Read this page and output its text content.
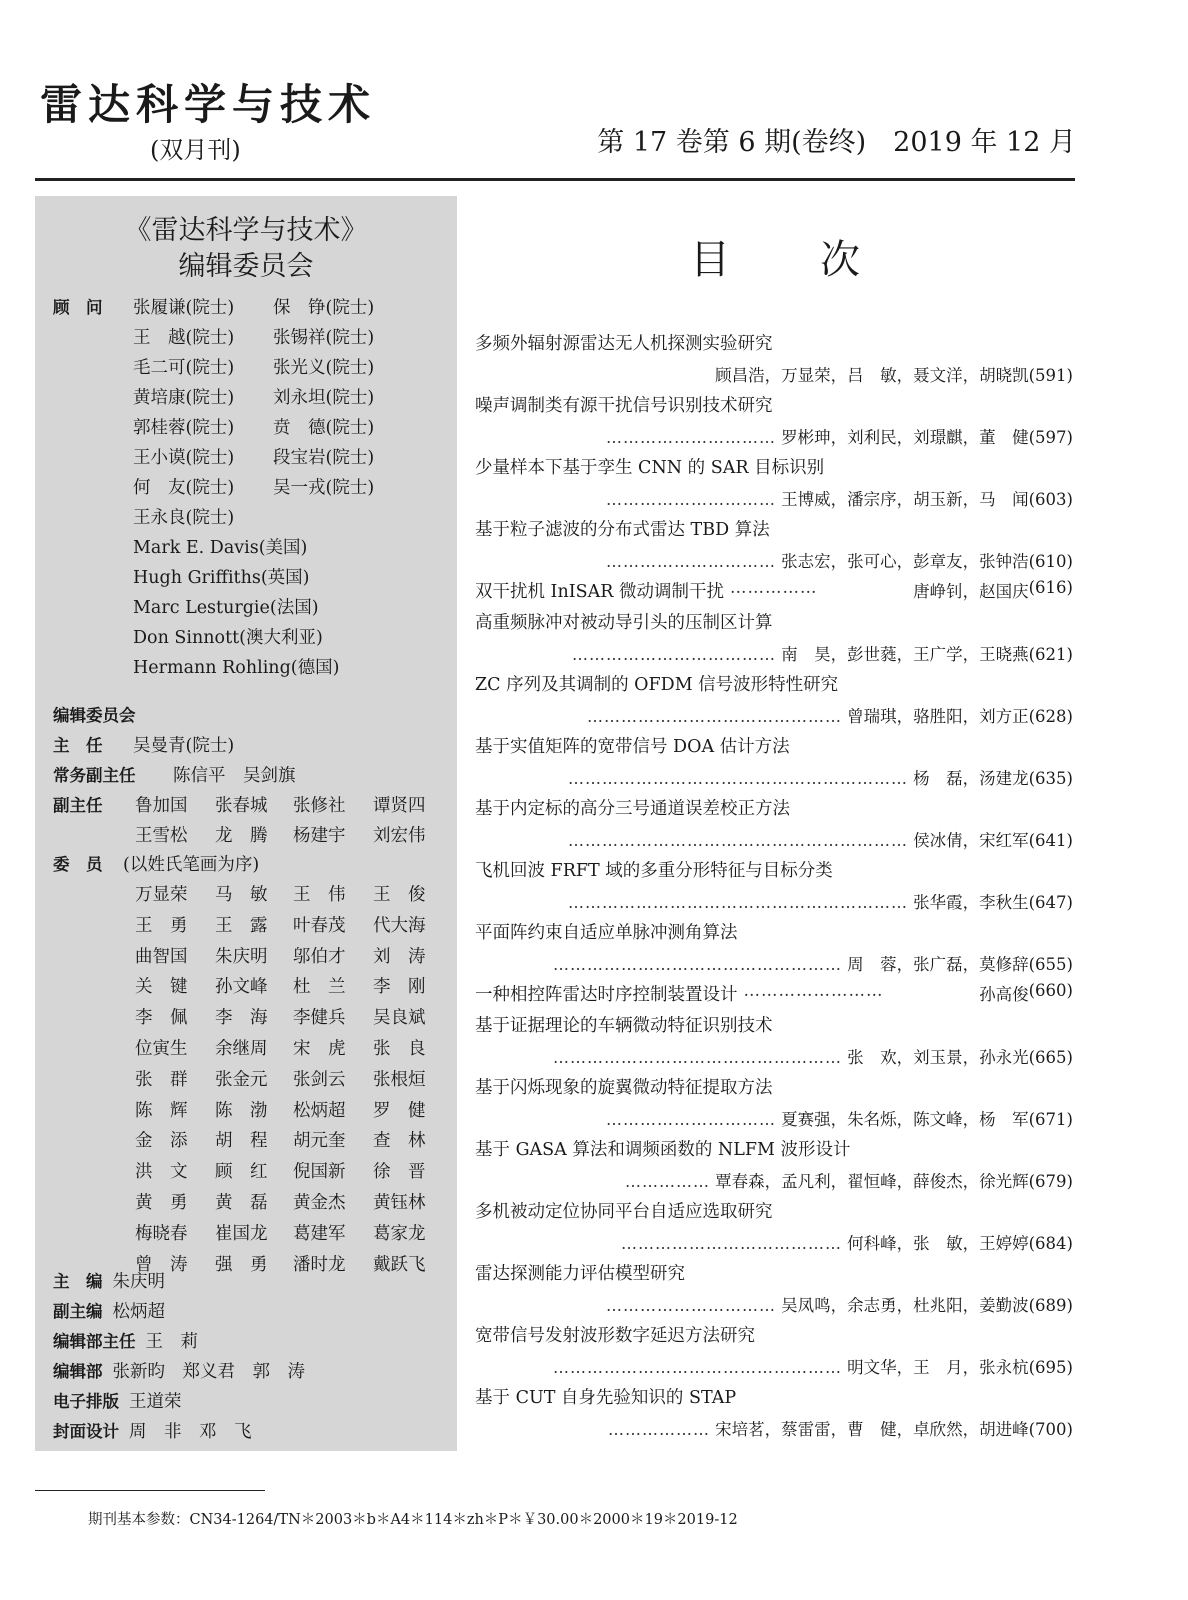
雷达科学与技术
(双月刊)	第 17 卷第 6 期(卷终)　2019 年 12 月
《雷达科学与技术》
编辑委员会
顾　问 张履谦(院士) 保　铮(院士)
王　越(院士) 张锡祥(院士)
毛二可(院士) 张光义(院士)
黄培康(院士) 刘永坦(院士)
郭桂蓉(院士) 贲　德(院士)
王小谟(院士) 段宝岩(院士)
何　友(院士) 吴一戎(院士)
王永良(院士)
Mark E. Davis(美国)
Hugh Griffiths(英国)
Marc Lesturgie(法国)
Don Sinnott(澳大利亚)
Hermann Rohling(德国)
编辑委员会
主　任 吴曼青(院士)
常务副主任 陈信平　吴剑旗
副主任 鲁加国 张春城 张修社 谭贤四
王雪松 龙　腾 杨建宇 刘宏伟
委　员 (以姓氏笔画为序)
万显荣 马　敏 王　伟 王　俊
王　勇 王　露 叶春茂 代大海
曲智国 朱庆明 邬伯才 刘　涛
关　键 孙文峰 杜　兰 李　刚
李　佩 李　海 李健兵 吴良斌
位寅生 余继周 宋　虎 张　良
张　群 张金元 张剑云 张根烜
陈　辉 陈　渤 松炳超 罗　健
金　添 胡　程 胡元奎 查　林
洪　文 顾　红 倪国新 徐　晋
黄　勇 黄　磊 黄金杰 黄钰林
梅晓春 崔国龙 葛建军 葛家龙
曾　涛 强　勇 潘时龙 戴跃飞
主　编 朱庆明
副主编 松炳超
编辑部主任 王　莉
编辑部 张新昀　郑义君　郭　涛
电子排版 王道荣
封面设计 周　非　邓　飞
目次
多频外辐射源雷达无人机探测实验研究
顾昌浩，万显荣，吕　敏，聂文洋，胡晓凯(591)
噪声调制类有源干扰信号识别技术研究
………………………… 罗彬珅，刘利民，刘璟麒，董　健(597)
少量样本下基于孪生 CNN 的 SAR 目标识别
………………………… 王博威，潘宗序，胡玉新，马　闻(603)
基于粒子滤波的分布式雷达 TBD 算法
………………………… 张志宏，张可心，彭章友，张钟浩(610)
双干扰机 InISAR 微动调制干扰 ……………	唐峥钊，赵国庆 (616)
高重频脉冲对被动导引头的压制区计算
……………………………… 南　昊，彭世蕤，王广学，王晓燕(621)
ZC 序列及其调制的 OFDM 信号波形特性研究
……………………………………… 曾瑞琪，骆胜阳，刘方正(628)
基于实值矩阵的宽带信号 DOA 估计方法
…………………………………………………… 杨　磊，汤建龙(635)
基于内定标的高分三号通道误差校正方法
…………………………………………………… 侯冰倩，宋红军(641)
飞机回波 FRFT 域的多重分形特征与目标分类
…………………………………………………… 张华霞，李秋生(647)
平面阵约束自适应单脉冲测角算法
…………………………………………… 周　蓉，张广磊，莫修辞(655)
一种相控阵雷达时序控制装置设计 ……………………	孙高俊 (660)
基于证据理论的车辆微动特征识别技术
…………………………………………… 张　欢，刘玉景，孙永光(665)
基于闪烁现象的旋翼微动特征提取方法
………………………… 夏赛强，朱名烁，陈文峰，杨　军(671)
基于 GASA 算法和调频函数的 NLFM 波形设计
…………… 覃春森，孟凡利，翟恒峰，薛俊杰，徐光辉(679)
多机被动定位协同平台自适应选取研究
………………………………… 何科峰，张　敏，王婷婷(684)
雷达探测能力评估模型研究
………………………… 吴凤鸣，余志勇，杜兆阳，姜勤波(689)
宽带信号发射波形数字延迟方法研究
…………………………………………… 明文华，王　月，张永杭(695)
基于 CUT 自身先验知识的 STAP
……………… 宋培茗，蔡雷雷，曹　健，卓欣然，胡进峰(700)
期刊基本参数：CN34-1264/TN＊2003＊b＊A4＊114＊zh＊P＊￥30.00＊2000＊19＊2019-12
